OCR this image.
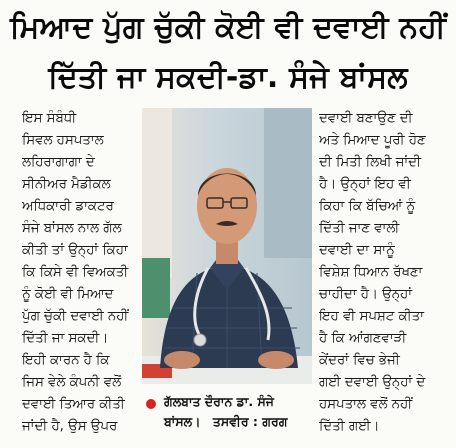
ਮਿਆਦ ਪੁੱਗ ਚੁੱਕੀ ਕੋਈ ਵੀ ਦਵਾਈ ਨਹੀਂ
ਦਿੱਤੀ ਜਾ ਸਕਦੀ-ਡਾ. ਸੰਜੇ ਬਾਂਸਲ
ਇਸ ਸੰਬੰਧੀ
ਸਿਵਲ ਹਸਪਤਾਲ
ਲਹਿਰਾਗਾਗਾ ਦੇ
ਸੀਨੀਅਰ ਮੈਡੀਕਲ
ਅਧਿਕਾਰੀ ਡਾਕਟਰ
ਸੰਜੇ ਬਾਂਸਲ ਨਾਲ ਗੱਲ
ਕੀਤੀ ਤਾਂ ਉਨ੍ਹਾਂ ਕਿਹਾ
ਕਿ ਕਿਸੇ ਵੀ ਵਿਅਕਤੀ
ਨੂੰ ਕੋਈ ਵੀ ਮਿਆਦ
ਪੁੱਗ ਚੁੱਕੀ ਦਵਾਈ ਨਹੀਂ
ਦਿੱਤੀ ਜਾ ਸਕਦੀ।
ਇਹੀ ਕਾਰਨ ਹੈ ਕਿ
ਜਿਸ ਵੇਲੇ ਕੰਪਨੀ ਵਲੋਂ
ਦਵਾਈ ਤਿਆਰ ਕੀਤੀ
ਜਾਂਦੀ ਹੈ, ਉਸ ਉਪਰ
ਦਵਾਈ ਬਣਾਉਣ ਦੀ
ਅਤੇ ਮਿਆਦ ਪੂਰੀ ਹੋਣ
ਦੀ ਮਿਤੀ ਲਿਖੀ ਜਾਂਦੀ
ਹੈ। ਉਨ੍ਹਾਂ ਇਹ ਵੀ
ਕਿਹਾ ਕਿ ਬੱਚਿਆਂ ਨੂੰ
ਦਿੱਤੀ ਜਾਣ ਵਾਲੀ
ਦਵਾਈ ਦਾ ਸਾਨੂੰ
ਵਿਸ਼ੇਸ਼ ਧਿਆਨ ਰੱਖਣਾ
ਚਾਹੀਦਾ ਹੈ। ਉਨ੍ਹਾਂ
ਇਹ ਵੀ ਸਪਸ਼ਟ ਕੀਤਾ
ਹੈ ਕਿ ਆਂਗਣਵਾੜੀ
ਕੇਂਦਰਾਂ ਵਿਚ ਭੇਜੀ
ਗਈ ਦਵਾਈ ਉਨ੍ਹਾਂ ਦੇ
ਹਸਪਤਾਲ ਵਲੋਂ ਨਹੀਂ
ਦਿੱਤੀ ਗਈ।
ਗੱਲਬਾਤ ਦੌਰਾਨ ਡਾ. ਸੰਜੇ
ਬਾਂਸਲ। ਤਸਵੀਰ : ਗਰਗ
